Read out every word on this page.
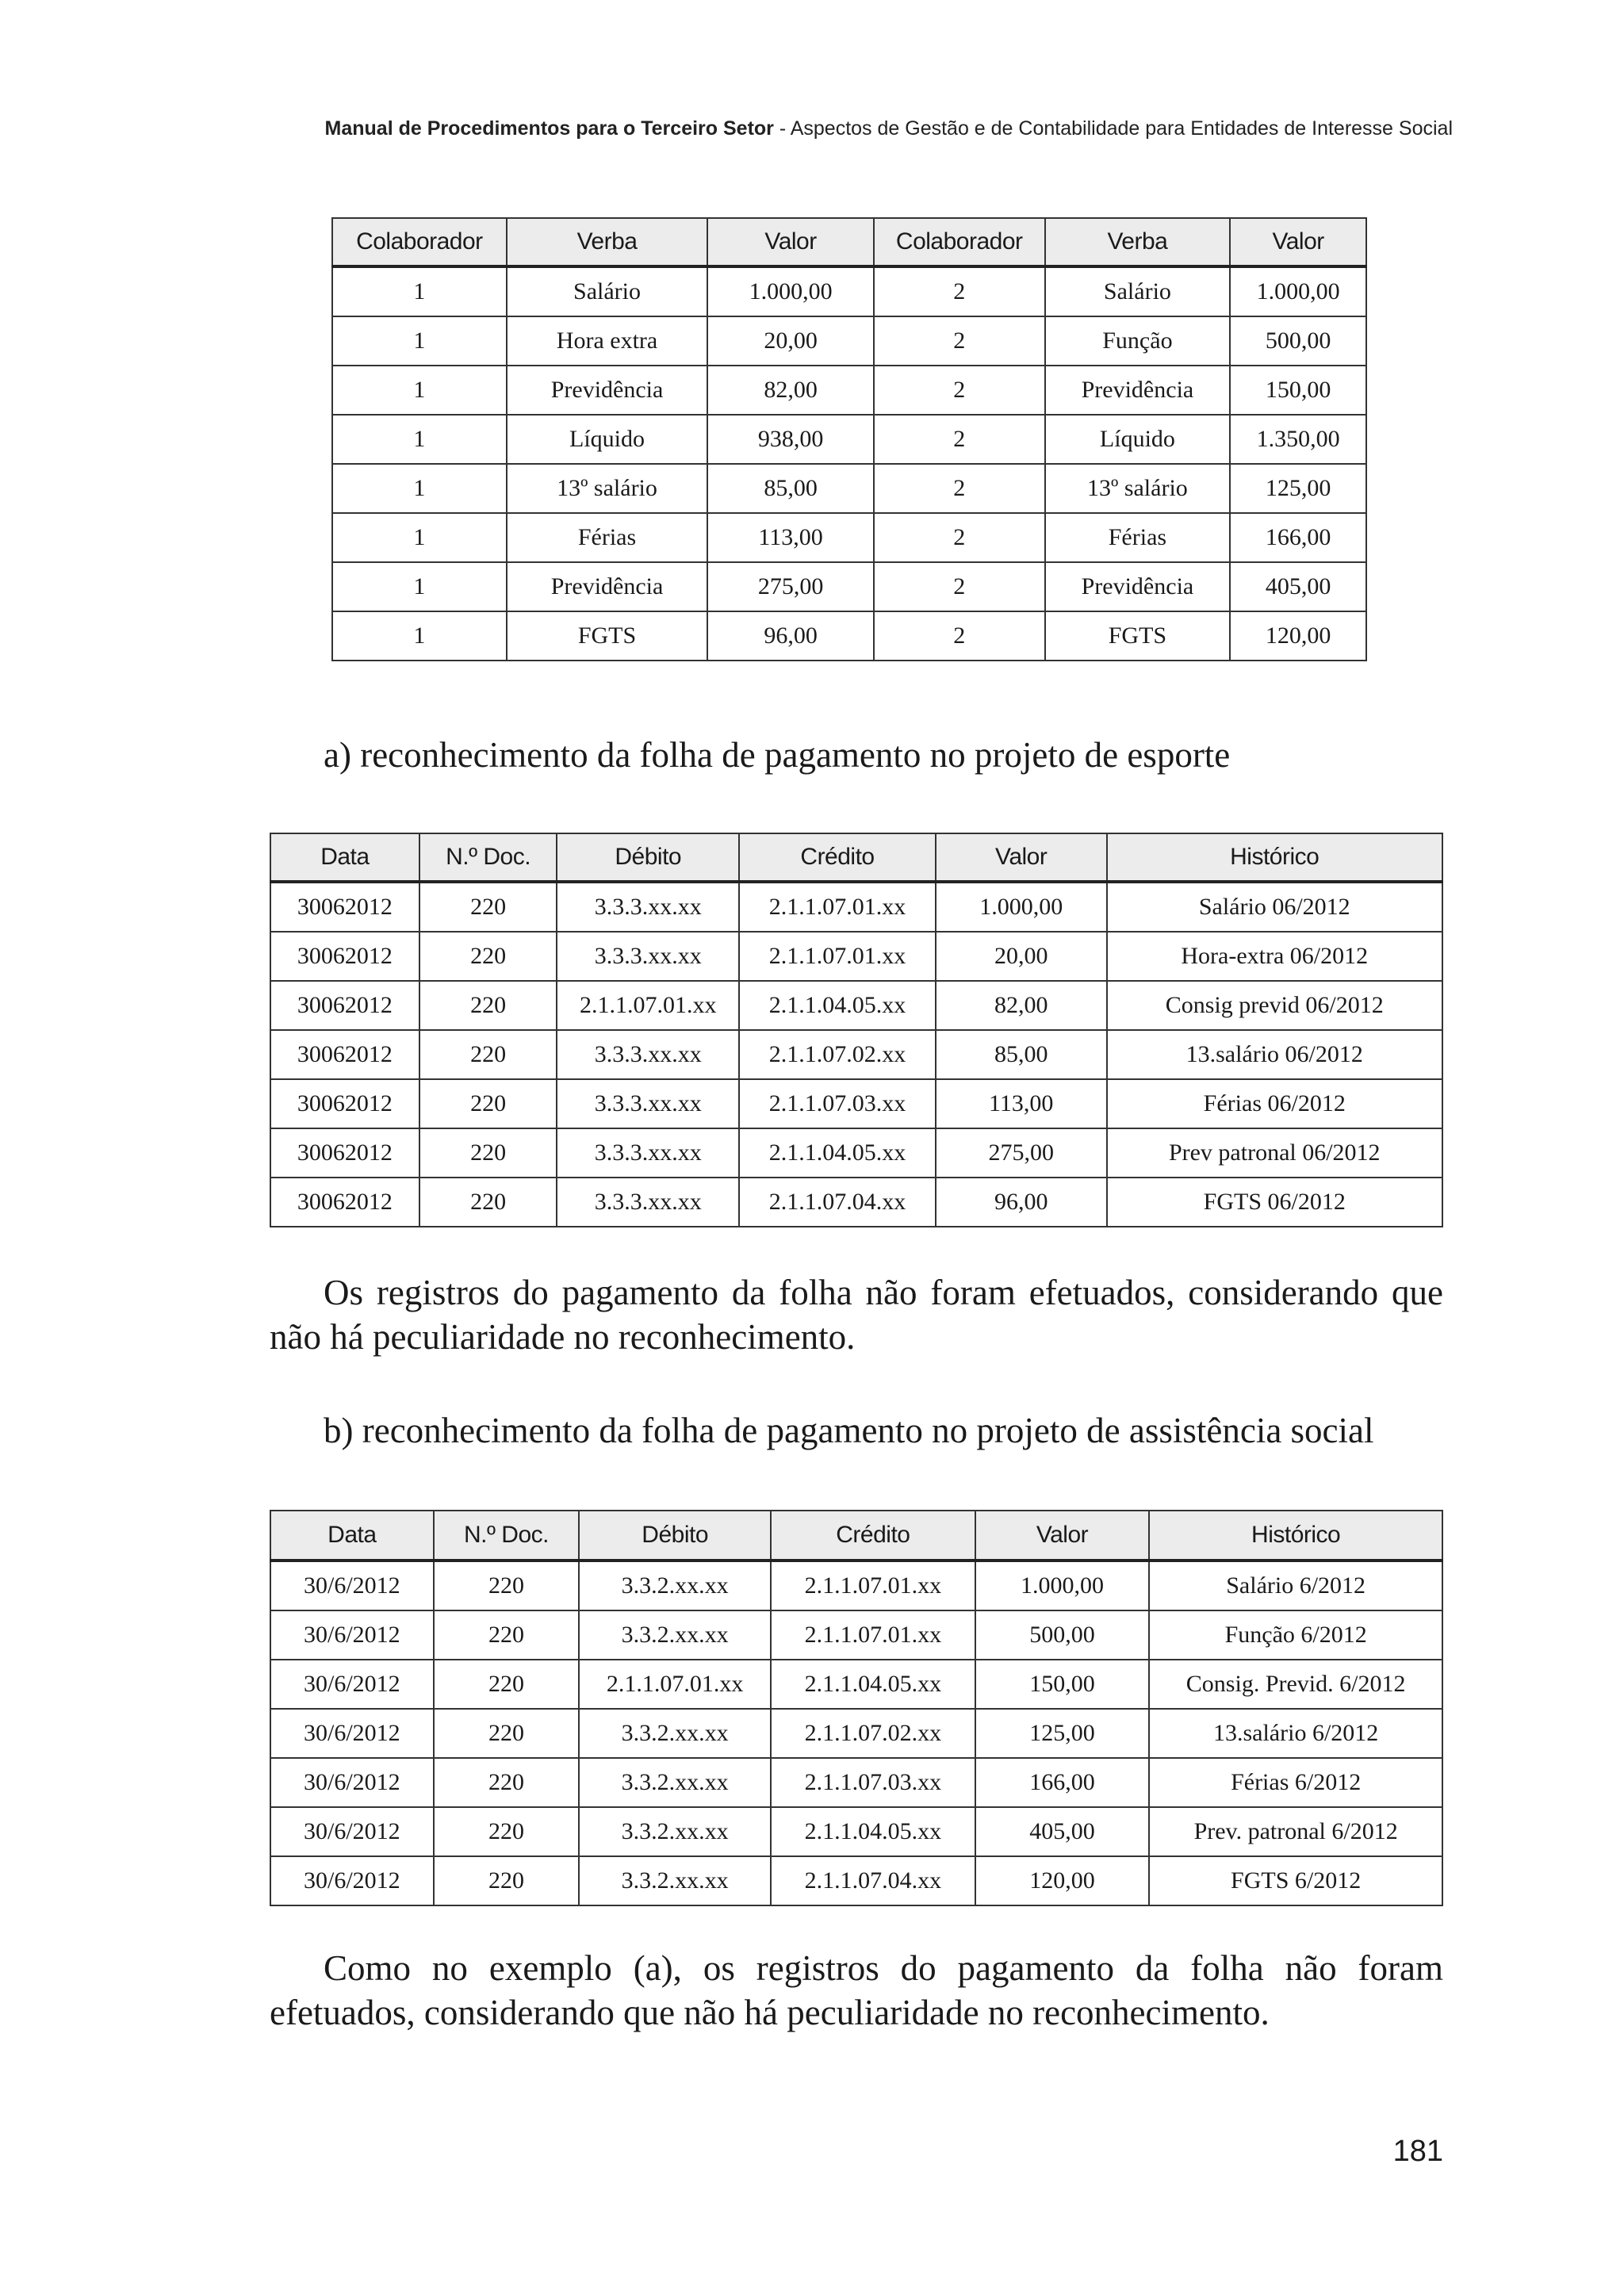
Manual de Procedimentos para o Terceiro Setor - Aspectos de Gestão e de Contabilidade para Entidades de Interesse Social
Colaborador	Verba	Valor	Colaborador	Verba	Valor
1	Salário	1.000,00	2	Salário	1.000,00
1	Hora extra	20,00	2	Função	500,00
1	Previdência	82,00	2	Previdência	150,00
1	Líquido	938,00	2	Líquido	1.350,00
1	13º salário	85,00	2	13º salário	125,00
1	Férias	113,00	2	Férias	166,00
1	Previdência	275,00	2	Previdência	405,00
1	FGTS	96,00	2	FGTS	120,00

a) reconhecimento da folha de pagamento no projeto de esporte

Data	N.º Doc.	Débito	Crédito	Valor	Histórico
30062012	220	3.3.3.xx.xx	2.1.1.07.01.xx	1.000,00	Salário 06/2012
30062012	220	3.3.3.xx.xx	2.1.1.07.01.xx	20,00	Hora-extra 06/2012
30062012	220	2.1.1.07.01.xx	2.1.1.04.05.xx	82,00	Consig previd 06/2012
30062012	220	3.3.3.xx.xx	2.1.1.07.02.xx	85,00	13.salário 06/2012
30062012	220	3.3.3.xx.xx	2.1.1.07.03.xx	113,00	Férias 06/2012
30062012	220	3.3.3.xx.xx	2.1.1.04.05.xx	275,00	Prev patronal 06/2012
30062012	220	3.3.3.xx.xx	2.1.1.07.04.xx	96,00	FGTS 06/2012

Os registros do pagamento da folha não foram efetuados, considerando que não há peculiaridade no reconhecimento.

b) reconhecimento da folha de pagamento no projeto de assistência social

Data	N.º Doc.	Débito	Crédito	Valor	Histórico
30/6/2012	220	3.3.2.xx.xx	2.1.1.07.01.xx	1.000,00	Salário 6/2012
30/6/2012	220	3.3.2.xx.xx	2.1.1.07.01.xx	500,00	Função 6/2012
30/6/2012	220	2.1.1.07.01.xx	2.1.1.04.05.xx	150,00	Consig. Previd. 6/2012
30/6/2012	220	3.3.2.xx.xx	2.1.1.07.02.xx	125,00	13.salário 6/2012
30/6/2012	220	3.3.2.xx.xx	2.1.1.07.03.xx	166,00	Férias 6/2012
30/6/2012	220	3.3.2.xx.xx	2.1.1.04.05.xx	405,00	Prev. patronal 6/2012
30/6/2012	220	3.3.2.xx.xx	2.1.1.07.04.xx	120,00	FGTS 6/2012

Como no exemplo (a), os registros do pagamento da folha não foram efetuados, considerando que não há peculiaridade no reconhecimento.

181
